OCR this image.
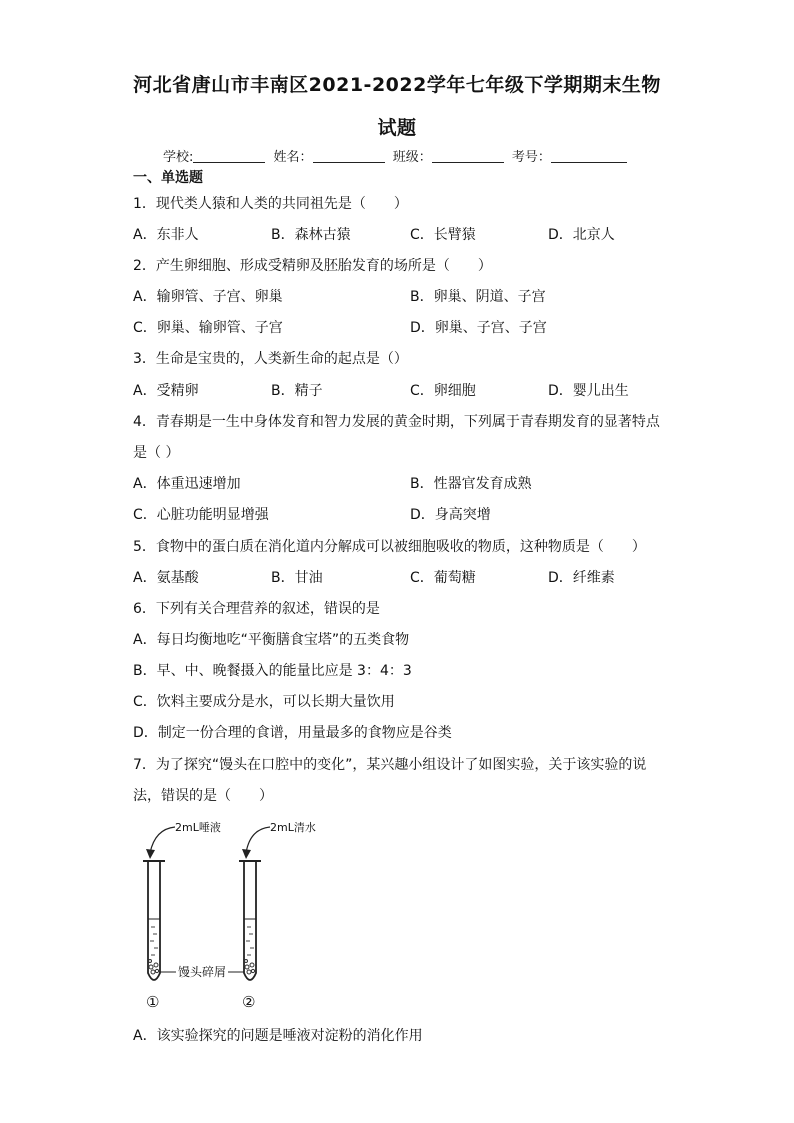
河北省唐山市丰南区2021-2022学年七年级下学期期末生物
试题
学校:	姓名：	班级：	考号：
一、单选题
1．现代类人猿和人类的共同祖先是（　　）
A．东非人	B．森林古猿	C．长臂猿	D．北京人
2．产生卵细胞、形成受精卵及胚胎发育的场所是（　　）
A．输卵管、子宫、卵巢	B．卵巢、阴道、子宫
C．卵巢、输卵管、子宫	D．卵巢、子宫、子宫
3．生命是宝贵的，人类新生命的起点是（）
A．受精卵	B．精子	C．卵细胞	D．婴儿出生
4．青春期是一生中身体发育和智力发展的黄金时期，下列属于青春期发育的显著特点
是（ ）
A．体重迅速增加	B．性器官发育成熟
C．心脏功能明显增强	D．身高突增
5．食物中的蛋白质在消化道内分解成可以被细胞吸收的物质，这种物质是（　　）
A．氨基酸	B．甘油	C．葡萄糖	D．纤维素
6．下列有关合理营养的叙述，错误的是
A．每日均衡地吃“平衡膳食宝塔”的五类食物
B．早、中、晚餐摄入的能量比应是 3：4：3
C．饮料主要成分是水，可以长期大量饮用
D．制定一份合理的食谱，用量最多的食物应是谷类
7．为了探究“馒头在口腔中的变化”，某兴趣小组设计了如图实验，关于该实验的说
法，错误的是（　　）
2mL唾液	2mL清水
馒头碎屑
①	②
A．该实验探究的问题是唾液对淀粉的消化作用
